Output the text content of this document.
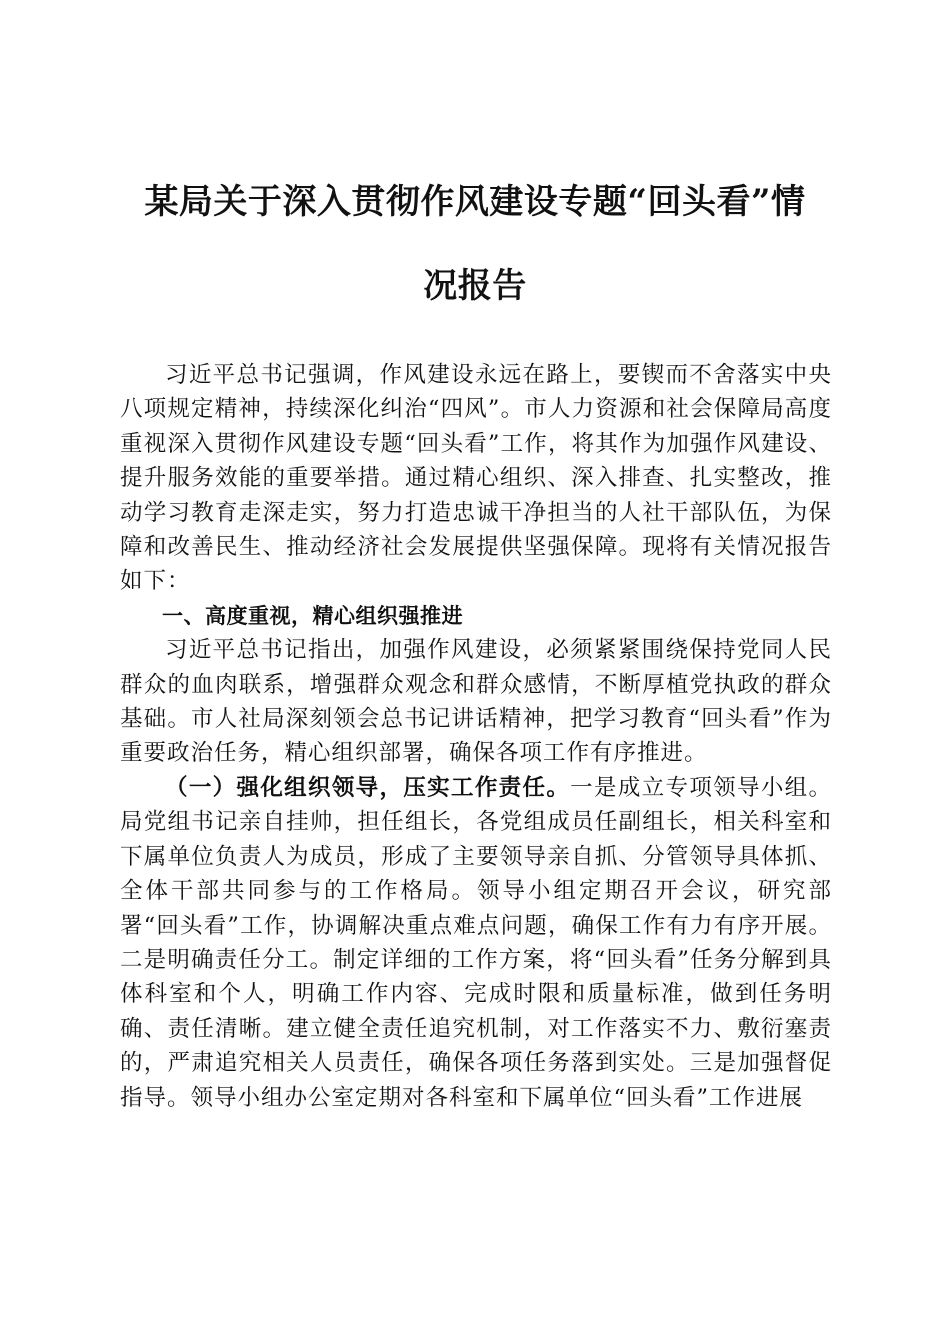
某局关于深入贯彻作风建设专题“回头看”情
况报告

习近平总书记强调，作风建设永远在路上，要锲而不舍落实中央八项规定精神，持续深化纠治“四风”。市人力资源和社会保障局高度重视深入贯彻作风建设专题“回头看”工作，将其作为加强作风建设、提升服务效能的重要举措。通过精心组织、深入排查、扎实整改，推动学习教育走深走实，努力打造忠诚干净担当的人社干部队伍，为保障和改善民生、推动经济社会发展提供坚强保障。现将有关情况报告如下：

一、高度重视，精心组织强推进

习近平总书记指出，加强作风建设，必须紧紧围绕保持党同人民群众的血肉联系，增强群众观念和群众感情，不断厚植党执政的群众基础。市人社局深刻领会总书记讲话精神，把学习教育“回头看”作为重要政治任务，精心组织部署，确保各项工作有序推进。

（一）强化组织领导，压实工作责任。一是成立专项领导小组。局党组书记亲自挂帅，担任组长，各党组成员任副组长，相关科室和下属单位负责人为成员，形成了主要领导亲自抓、分管领导具体抓、全体干部共同参与的工作格局。领导小组定期召开会议，研究部署“回头看”工作，协调解决重点难点问题，确保工作有力有序开展。二是明确责任分工。制定详细的工作方案，将“回头看”任务分解到具体科室和个人，明确工作内容、完成时限和质量标准，做到任务明确、责任清晰。建立健全责任追究机制，对工作落实不力、敷衍塞责的，严肃追究相关人员责任，确保各项任务落到实处。三是加强督促指导。领导小组办公室定期对各科室和下属单位“回头看”工作进展
